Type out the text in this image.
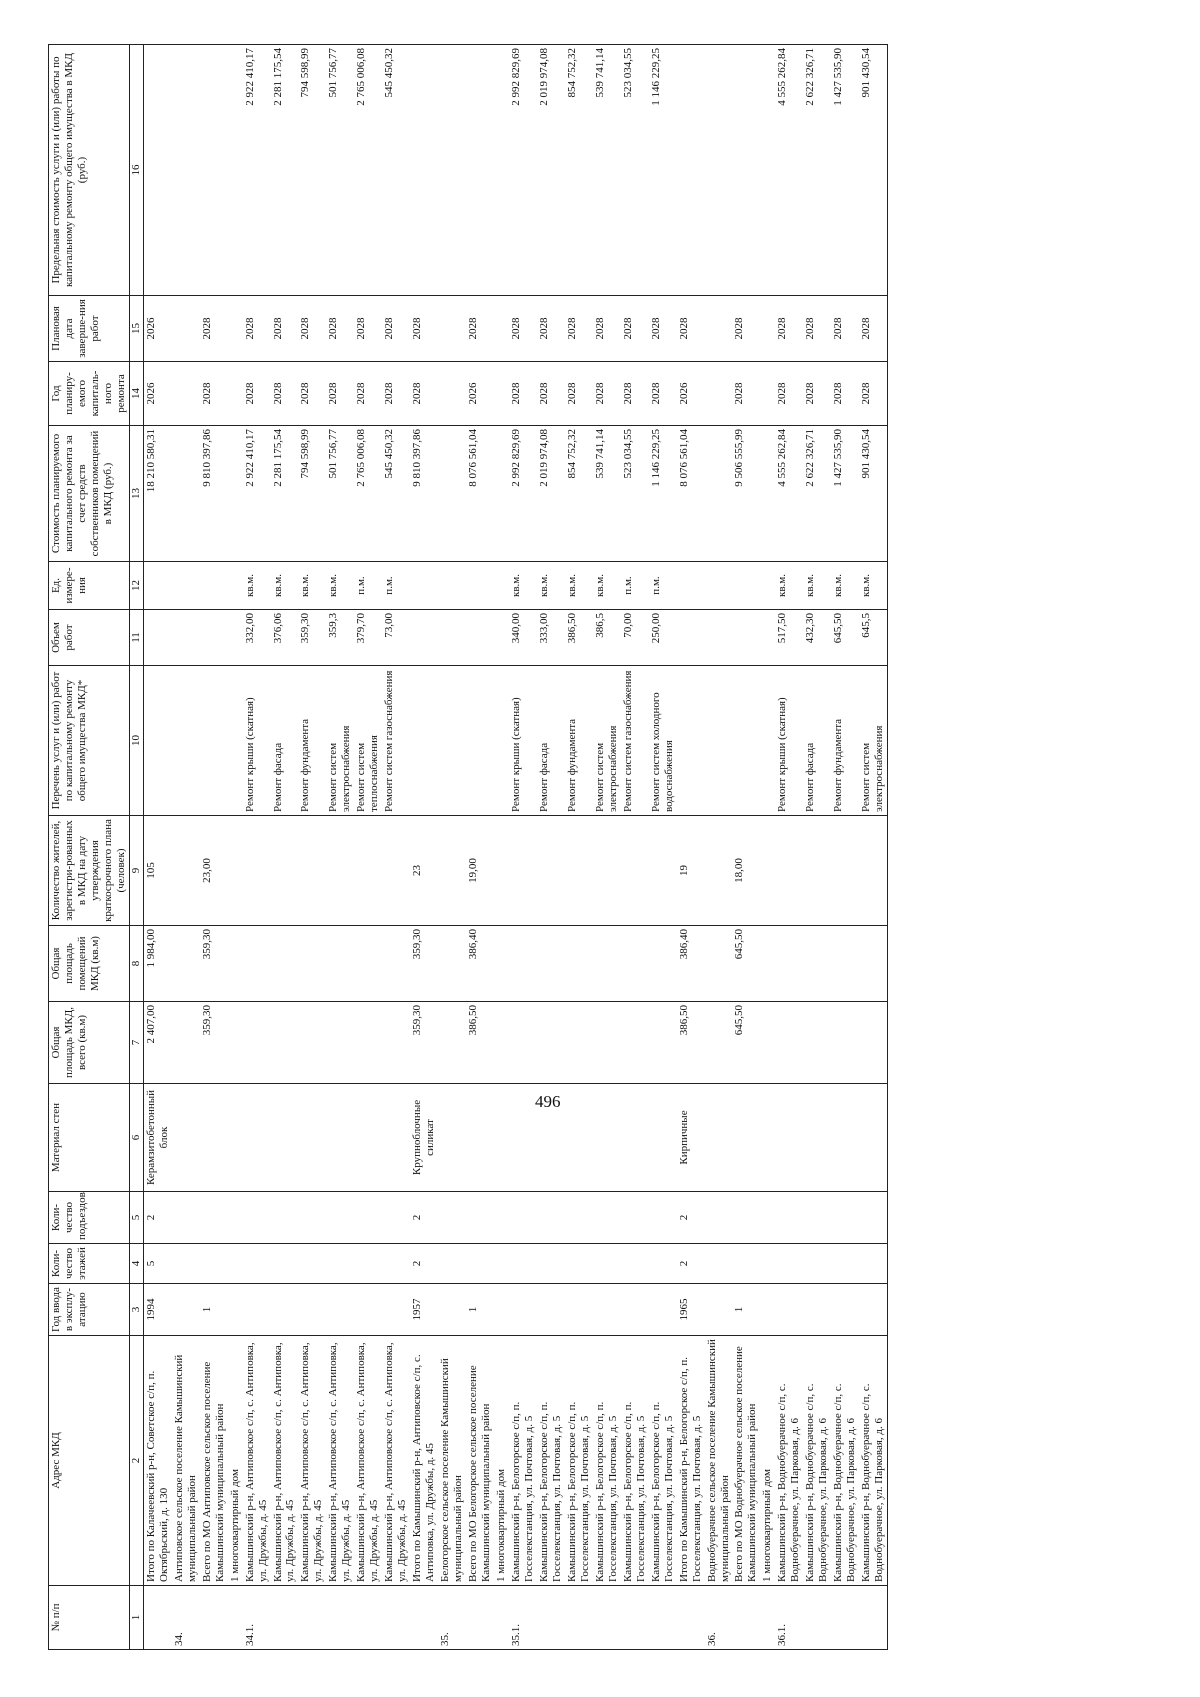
496
№ п/п	Адрес МКД	Год ввода в эксплу-атацию	Коли-чество этажей	Коли-чество подъездов	Материал стен	Общая площадь МКД, всего (кв.м)	Общая площадь помещений МКД (кв.м)	Количество жителей, зарегистри-рованных в МКД на дату утверждения краткосрочного плана (человек)	Перечень услуг и (или) работ по капитальному ремонту общего имущества МКД*	Объем работ	Ед. измере-ния	Стоимость планируемого капитального ремонта за счет средств собственников помещений в МКД (руб.)	Год планиру-емого капиталь-ного ремонта	Плановая дата заверше-ния работ	Предельная стоимость услуги и (или) работы по капитальному ремонту общего имущества в МКД (руб.)
1	2	3	4	5	6	7	8	9	10	11	12	13	14	15	16
	Итого по Калачеевский р-н, Советское с/п, п. Октябрьский, д. 130	1994	5	2	Керамзитобетонный блок	2 407,00	1 984,00	105				18 210 580,31	2026	2026	
34.	Антиповское сельское поселение Камышинский муниципальный район														
	Всего по МО Антиповское сельское поселение Камышинский муниципальный район	1				359,30	359,30	23,00				9 810 397,86	2028	2028	
	1 многоквартирный дом														
34.1.	Камышинский р-н, Антиповское с/п, с. Антиповка, ул. Дружбы, д. 45								Ремонт крыши (скатная)	332,00	кв.м.	2 922 410,17	2028	2028	2 922 410,17
	Камышинский р-н, Антиповское с/п, с. Антиповка, ул. Дружбы, д. 45								Ремонт фасада	376,06	кв.м.	2 281 175,54	2028	2028	2 281 175,54
	Камышинский р-н, Антиповское с/п, с. Антиповка, ул. Дружбы, д. 45								Ремонт фундамента	359,30	кв.м.	794 598,99	2028	2028	794 598,99
	Камышинский р-н, Антиповское с/п, с. Антиповка, ул. Дружбы, д. 45								Ремонт систем электроснабжения	359,3	кв.м.	501 756,77	2028	2028	501 756,77
	Камышинский р-н, Антиповское с/п, с. Антиповка, ул. Дружбы, д. 45								Ремонт систем теплоснабжения	379,70	п.м.	2 765 006,08	2028	2028	2 765 006,08
	Камышинский р-н, Антиповское с/п, с. Антиповка, ул. Дружбы, д. 45								Ремонт систем газоснабжения	73,00	п.м.	545 450,32	2028	2028	545 450,32
	Итого по Камышинский р-н, Антиповское с/п, с. Антиповка, ул. Дружбы, д. 45	1957	2	2	Крупноблочные силикат	359,30	359,30	23				9 810 397,86	2028	2028	
35.	Белогорское сельское поселение Камышинский муниципальный район														
	Всего по МО Белогорское сельское поселение Камышинский муниципальный район	1				386,50	386,40	19,00				8 076 561,04	2026	2028	
	1 многоквартирный дом														
35.1.	Камышинский р-н, Белогорское с/п, п. Госселекстанция, ул. Почтовая, д. 5								Ремонт крыши (скатная)	340,00	кв.м.	2 992 829,69	2028	2028	2 992 829,69
	Камышинский р-н, Белогорское с/п, п. Госселекстанция, ул. Почтовая, д. 5								Ремонт фасада	333,00	кв.м.	2 019 974,08	2028	2028	2 019 974,08
	Камышинский р-н, Белогорское с/п, п. Госселекстанция, ул. Почтовая, д. 5								Ремонт фундамента	386,50	кв.м.	854 752,32	2028	2028	854 752,32
	Камышинский р-н, Белогорское с/п, п. Госселекстанция, ул. Почтовая, д. 5								Ремонт систем электроснабжения	386,5	кв.м.	539 741,14	2028	2028	539 741,14
	Камышинский р-н, Белогорское с/п, п. Госселекстанция, ул. Почтовая, д. 5								Ремонт систем газоснабжения	70,00	п.м.	523 034,55	2028	2028	523 034,55
	Камышинский р-н, Белогорское с/п, п. Госселекстанция, ул. Почтовая, д. 5								Ремонт систем холодного водоснабжения	250,00	п.м.	1 146 229,25	2028	2028	1 146 229,25
	Итого по Камышинский р-н, Белогорское с/п, п. Госселекстанция, ул. Почтовая, д. 5	1965	2	2	Кирпичные	386,50	386,40	19				8 076 561,04	2026	2028	
36.	Воднобуерачное сельское поселение Камышинский муниципальный район														
	Всего по МО Воднобуерачное сельское поселение Камышинский муниципальный район	1				645,50	645,50	18,00				9 506 555,99	2028	2028	
	1 многоквартирный дом														
36.1.	Камышинский р-н, Воднобуерачное с/п, с. Воднобуерачное, ул. Парковая, д. 6								Ремонт крыши (скатная)	517,50	кв.м.	4 555 262,84	2028	2028	4 555 262,84
	Камышинский р-н, Воднобуерачное с/п, с. Воднобуерачное, ул. Парковая, д. 6								Ремонт фасада	432,30	кв.м.	2 622 326,71	2028	2028	2 622 326,71
	Камышинский р-н, Воднобуерачное с/п, с. Воднобуерачное, ул. Парковая, д. 6								Ремонт фундамента	645,50	кв.м.	1 427 535,90	2028	2028	1 427 535,90
	Камышинский р-н, Воднобуерачное с/п, с. Воднобуерачное, ул. Парковая, д. 6								Ремонт систем электроснабжения	645,5	кв.м.	901 430,54	2028	2028	901 430,54
